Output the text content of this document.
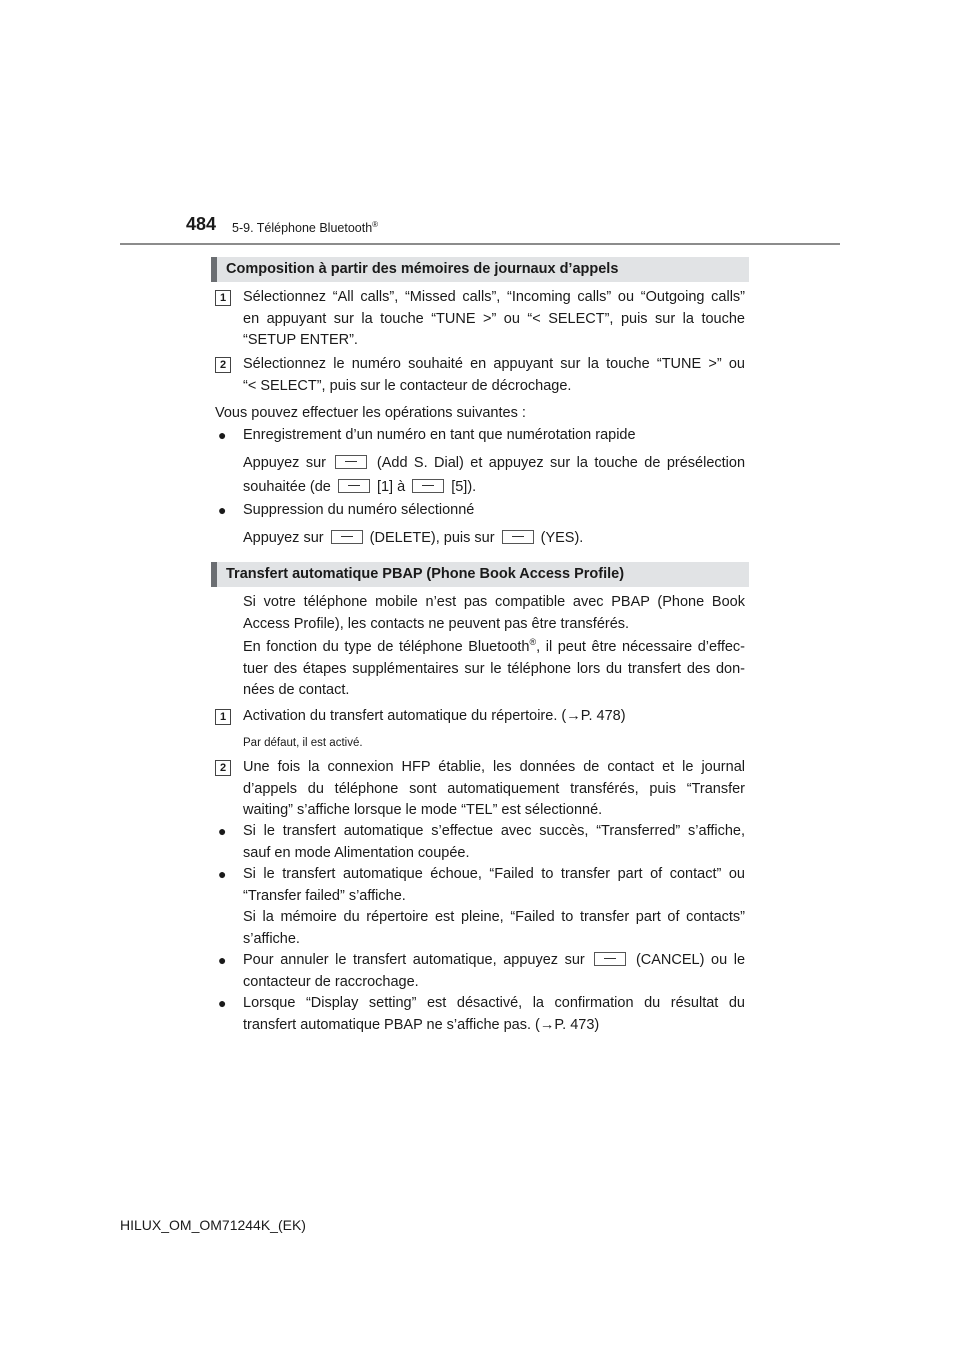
484 5-9. Téléphone Bluetooth®
Composition à partir des mémoires de journaux d’appels
1	Sélectionnez “All calls”, “Missed calls”, “Incoming calls” ou “Outgoing calls”
en appuyant sur la touche “TUNE >” ou “< SELECT”, puis sur la touche
“SETUP ENTER”.
2	Sélectionnez le numéro souhaité en appuyant sur la touche “TUNE >” ou
“< SELECT”, puis sur le contacteur de décrochage.
Vous pouvez effectuer les opérations suivantes :
● Enregistrement d’un numéro en tant que numérotation rapide
Appuyez sur	(Add S. Dial) et appuyez sur la touche de présélection
souhaitée (de	[1] à	[5]).
● Suppression du numéro sélectionné
Appuyez sur	(DELETE), puis sur	(YES).
Transfert automatique PBAP (Phone Book Access Profile)
Si votre téléphone mobile n’est pas compatible avec PBAP (Phone Book
Access Profile), les contacts ne peuvent pas être transférés.
En fonction du type de téléphone Bluetooth®, il peut être nécessaire d’effec-
tuer des étapes supplémentaires sur le téléphone lors du transfert des don-
nées de contact.
1	Activation du transfert automatique du répertoire. (→P. 478)
Par défaut, il est activé.
2	Une fois la connexion HFP établie, les données de contact et le journal
d’appels du téléphone sont automatiquement transférés, puis “Transfer
waiting” s’affiche lorsque le mode “TEL” est sélectionné.
● Si le transfert automatique s’effectue avec succès, “Transferred” s’affiche,
sauf en mode Alimentation coupée.
● Si le transfert automatique échoue, “Failed to transfer part of contact” ou
“Transfer failed” s’affiche.
Si la mémoire du répertoire est pleine, “Failed to transfer part of contacts”
s’affiche.
● Pour annuler le transfert automatique, appuyez sur	(CANCEL) ou le
contacteur de raccrochage.
● Lorsque “Display setting” est désactivé, la confirmation du résultat du
transfert automatique PBAP ne s’affiche pas. (→P. 473)
HILUX_OM_OM71244K_(EK)
